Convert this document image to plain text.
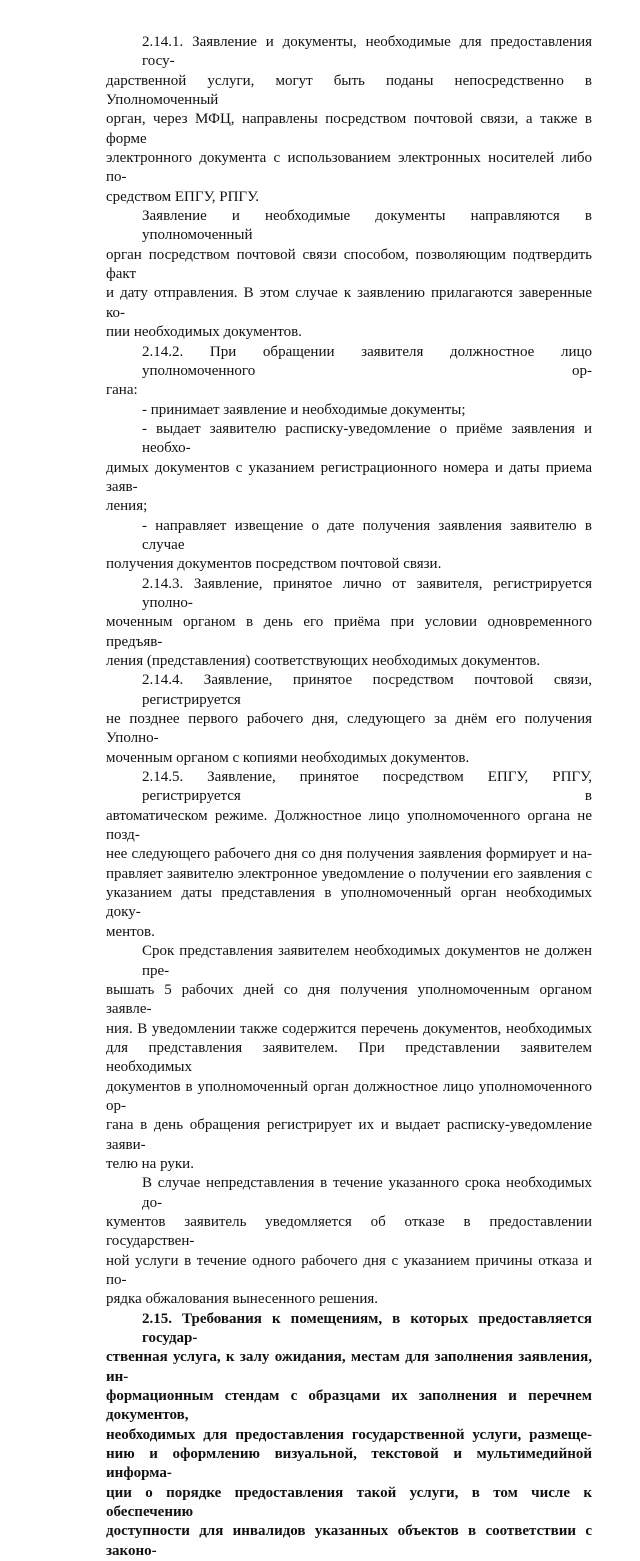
2.14.1. Заявление и документы, необходимые для предоставления госу-
дарственной услуги, могут быть поданы непосредственно в Уполномоченный
орган, через МФЦ, направлены посредством почтовой связи, а также в форме
электронного документа с использованием электронных носителей либо по-
средством ЕПГУ, РПГУ.
Заявление и необходимые документы направляются в уполномоченный
орган посредством почтовой связи способом, позволяющим подтвердить факт
и дату отправления. В этом случае к заявлению прилагаются заверенные ко-
пии необходимых документов.
2.14.2. При обращении заявителя должностное лицо уполномоченного ор-
гана:
- принимает заявление и необходимые документы;
- выдает заявителю расписку-уведомление о приёме заявления и необхо-
димых документов с указанием регистрационного номера и даты приема заяв-
ления;
- направляет извещение о дате получения заявления заявителю в случае
получения документов посредством почтовой связи.
2.14.3. Заявление, принятое лично от заявителя, регистрируется уполно-
моченным органом в день его приёма при условии одновременного предъяв-
ления (представления) соответствующих необходимых документов.
2.14.4. Заявление, принятое посредством почтовой связи, регистрируется
не позднее первого рабочего дня, следующего за днём его получения Уполно-
моченным органом с копиями необходимых документов.
2.14.5. Заявление, принятое посредством ЕПГУ, РПГУ, регистрируется в
автоматическом режиме. Должностное лицо уполномоченного органа не позд-
нее следующего рабочего дня со дня получения заявления формирует и на-
правляет заявителю электронное уведомление о получении его заявления с
указанием даты представления в уполномоченный орган необходимых доку-
ментов.
Срок представления заявителем необходимых документов не должен пре-
вышать 5 рабочих дней со дня получения уполномоченным органом заявле-
ния. В уведомлении также содержится перечень документов, необходимых
для представления заявителем. При представлении заявителем необходимых
документов в уполномоченный орган должностное лицо уполномоченного ор-
гана в день обращения регистрирует их и выдает расписку-уведомление заяви-
телю на руки.
В случае непредставления в течение указанного срока необходимых до-
кументов заявитель уведомляется об отказе в предоставлении государствен-
ной услуги в течение одного рабочего дня с указанием причины отказа и по-
рядка обжалования вынесенного решения.
2.15. Требования к помещениям, в которых предоставляется государ-
ственная услуга, к залу ожидания, местам для заполнения заявления, ин-
формационным стендам с образцами их заполнения и перечнем документов,
необходимых для предоставления государственной услуги, размеще-
нию и оформлению визуальной, текстовой и мультимедийной информа-
ции о порядке предоставления такой услуги, в том числе к обеспечению
доступности для инвалидов указанных объектов в соответствии с законо-
